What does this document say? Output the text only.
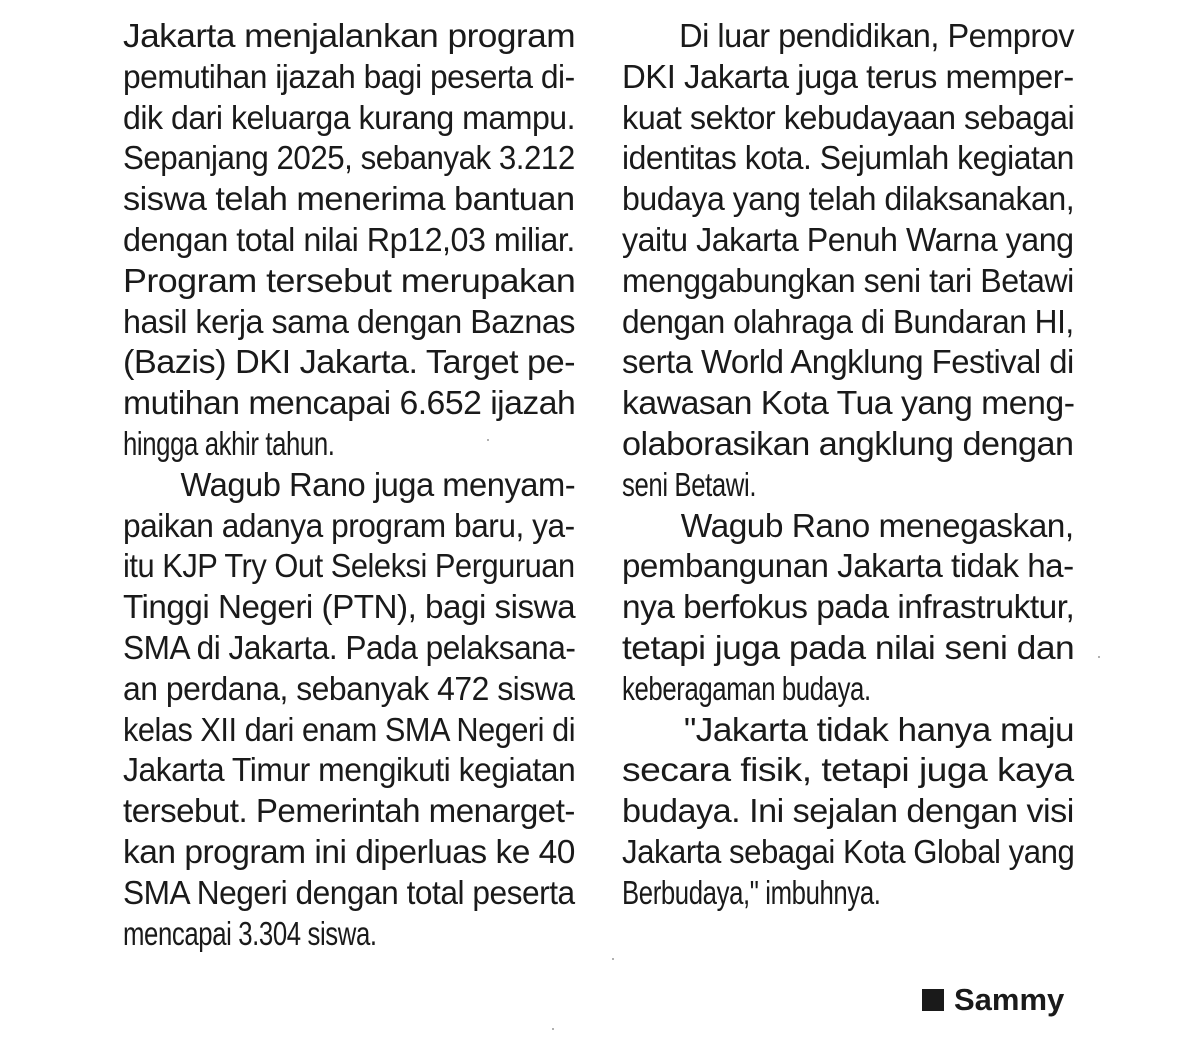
Jakarta menjalankan program
pemutihan ijazah bagi peserta di-
dik dari keluarga kurang mampu.
Sepanjang 2025, sebanyak 3.212
siswa telah menerima bantuan
dengan total nilai Rp12,03 miliar.
Program tersebut merupakan
hasil kerja sama dengan Baznas
(Bazis) DKI Jakarta. Target pe-
mutihan mencapai 6.652 ijazah
hingga akhir tahun.

Wagub Rano juga menyam-
paikan adanya program baru, ya-
itu KJP Try Out Seleksi Perguruan
Tinggi Negeri (PTN), bagi siswa
SMA di Jakarta. Pada pelaksana-
an perdana, sebanyak 472 siswa
kelas XII dari enam SMA Negeri di
Jakarta Timur mengikuti kegiatan
tersebut. Pemerintah menarget-
kan program ini diperluas ke 40
SMA Negeri dengan total peserta
mencapai 3.304 siswa.

Di luar pendidikan, Pemprov
DKI Jakarta juga terus memper-
kuat sektor kebudayaan sebagai
identitas kota. Sejumlah kegiatan
budaya yang telah dilaksanakan,
yaitu Jakarta Penuh Warna yang
menggabungkan seni tari Betawi
dengan olahraga di Bundaran HI,
serta World Angklung Festival di
kawasan Kota Tua yang meng-
olaborasikan angklung dengan
seni Betawi.

Wagub Rano menegaskan,
pembangunan Jakarta tidak ha-
nya berfokus pada infrastruktur,
tetapi juga pada nilai seni dan
keberagaman budaya.

"Jakarta tidak hanya maju
secara fisik, tetapi juga kaya
budaya. Ini sejalan dengan visi
Jakarta sebagai Kota Global yang
Berbudaya," imbuhnya.

Sammy
